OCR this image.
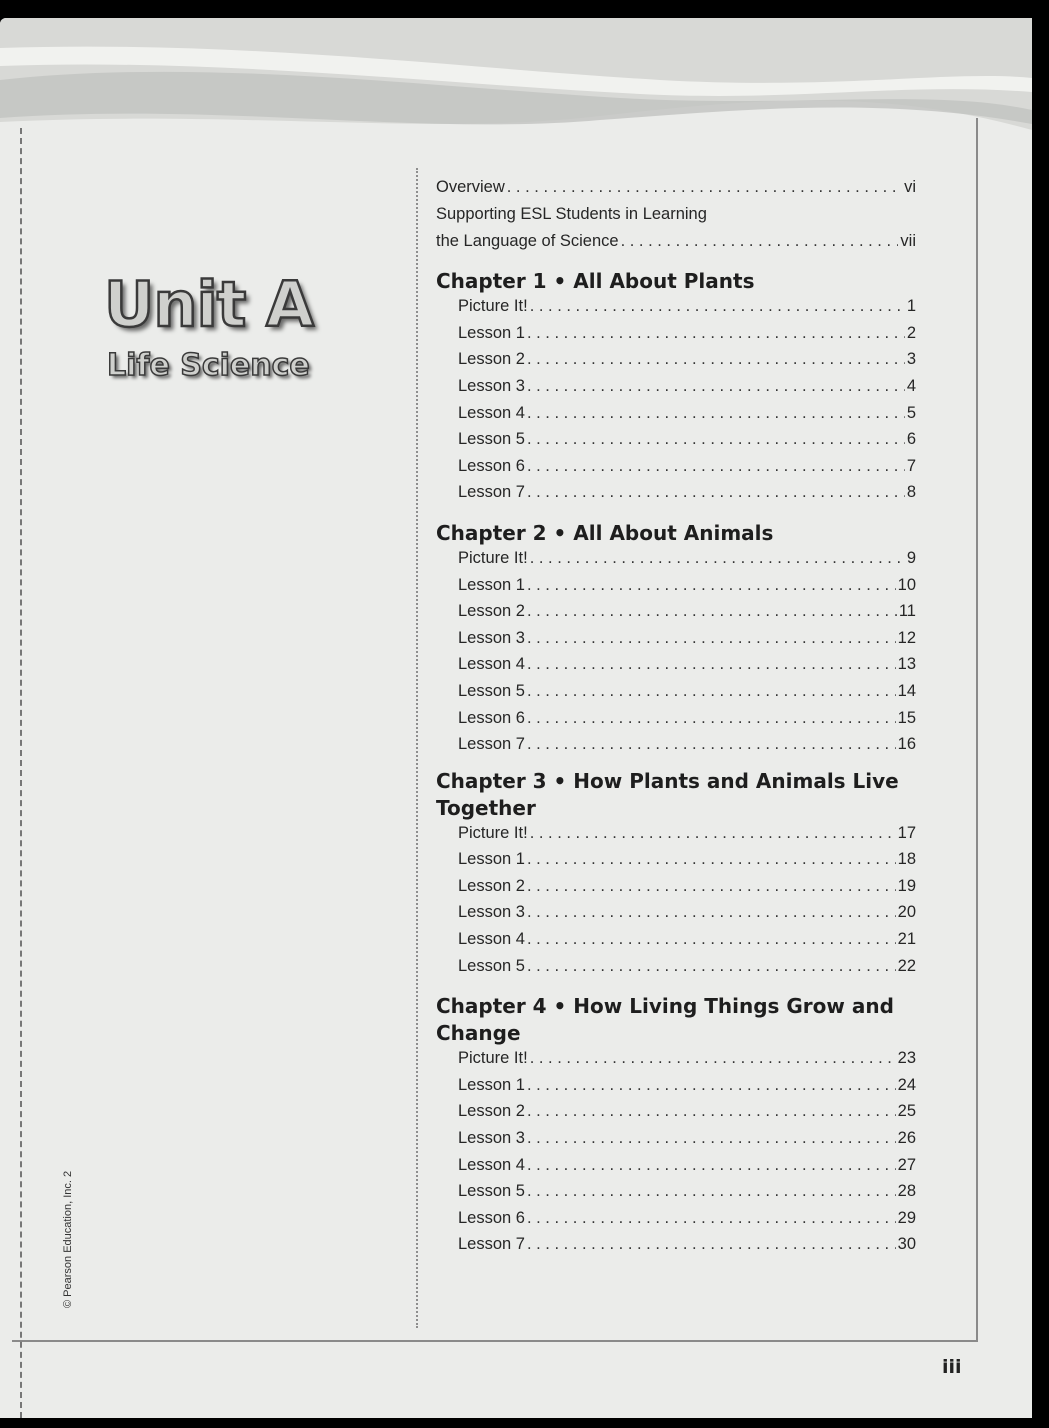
Unit A
Life Science
© Pearson Education, Inc. 2
iii
Overview . . .	vi
Supporting ESL Students in Learning
the Language of Science . . .	vii
Chapter 1 • All About Plants
Picture It! . . .	1
Lesson 1 . . .	2
Lesson 2 . . .	3
Lesson 3 . . .	4
Lesson 4 . . .	5
Lesson 5 . . .	6
Lesson 6 . . .	7
Lesson 7 . . .	8
Chapter 2 • All About Animals
Picture It! . . .	9
Lesson 1 . . .	10
Lesson 2 . . .	11
Lesson 3 . . .	12
Lesson 4 . . .	13
Lesson 5 . . .	14
Lesson 6 . . .	15
Lesson 7 . . .	16
Chapter 3 • How Plants and Animals Live Together
Picture It! . . .	17
Lesson 1 . . .	18
Lesson 2 . . .	19
Lesson 3 . . .	20
Lesson 4 . . .	21
Lesson 5 . . .	22
Chapter 4 • How Living Things Grow and Change
Picture It! . . .	23
Lesson 1 . . .	24
Lesson 2 . . .	25
Lesson 3 . . .	26
Lesson 4 . . .	27
Lesson 5 . . .	28
Lesson 6 . . .	29
Lesson 7 . . .	30
